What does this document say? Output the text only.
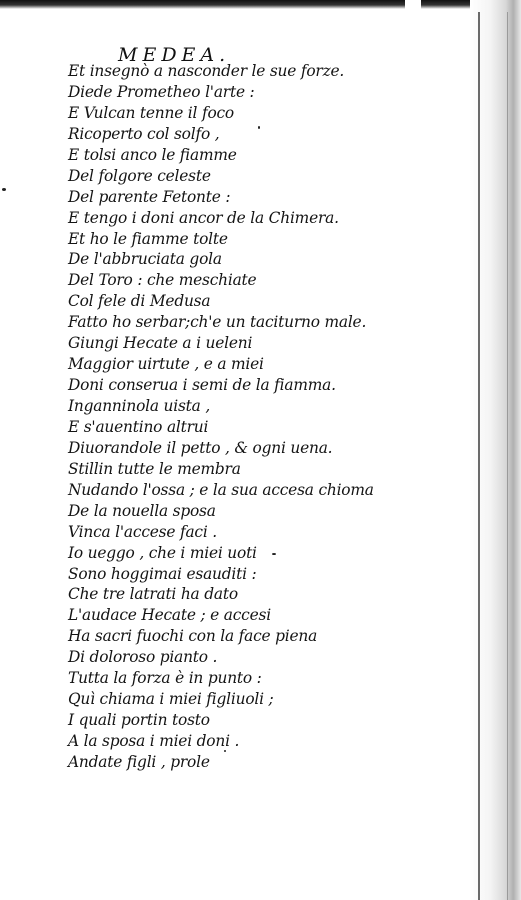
MEDEA.
Et insegnò a nasconder le sue forze.
Diede Prometheo l'arte :
E Vulcan tenne il foco
Ricoperto col solfo ,
E tolsi anco le fiamme
Del folgore celeste
Del parente Fetonte :
E tengo i doni ancor de la Chimera.
Et ho le fiamme tolte
De l'abbruciata gola
Del Toro : che meschiate
Col fele di Medusa
Fatto ho serbar;ch'e un taciturno male.
Giungi Hecate a i ueleni
Maggior uirtute , e a miei
Doni conserua i semi de la fiamma.
Inganninola uista ,
E s'auentino altrui
Diuorandole il petto , & ogni uena.
Stillin tutte le membra
Nudando l'ossa ; e la sua accesa chioma
De la nouella sposa
Vinca l'accese faci .
Io ueggo , che i miei uoti
Sono hoggimai esauditi :
Che tre latrati ha dato
L'audace Hecate ; e accesi
Ha sacri fuochi con la face piena
Di doloroso pianto .
Tutta la forza è in punto :
Quì chiama i miei figliuoli ;
I quali portin tosto
A la sposa i miei doni .
Andate figli , prole
